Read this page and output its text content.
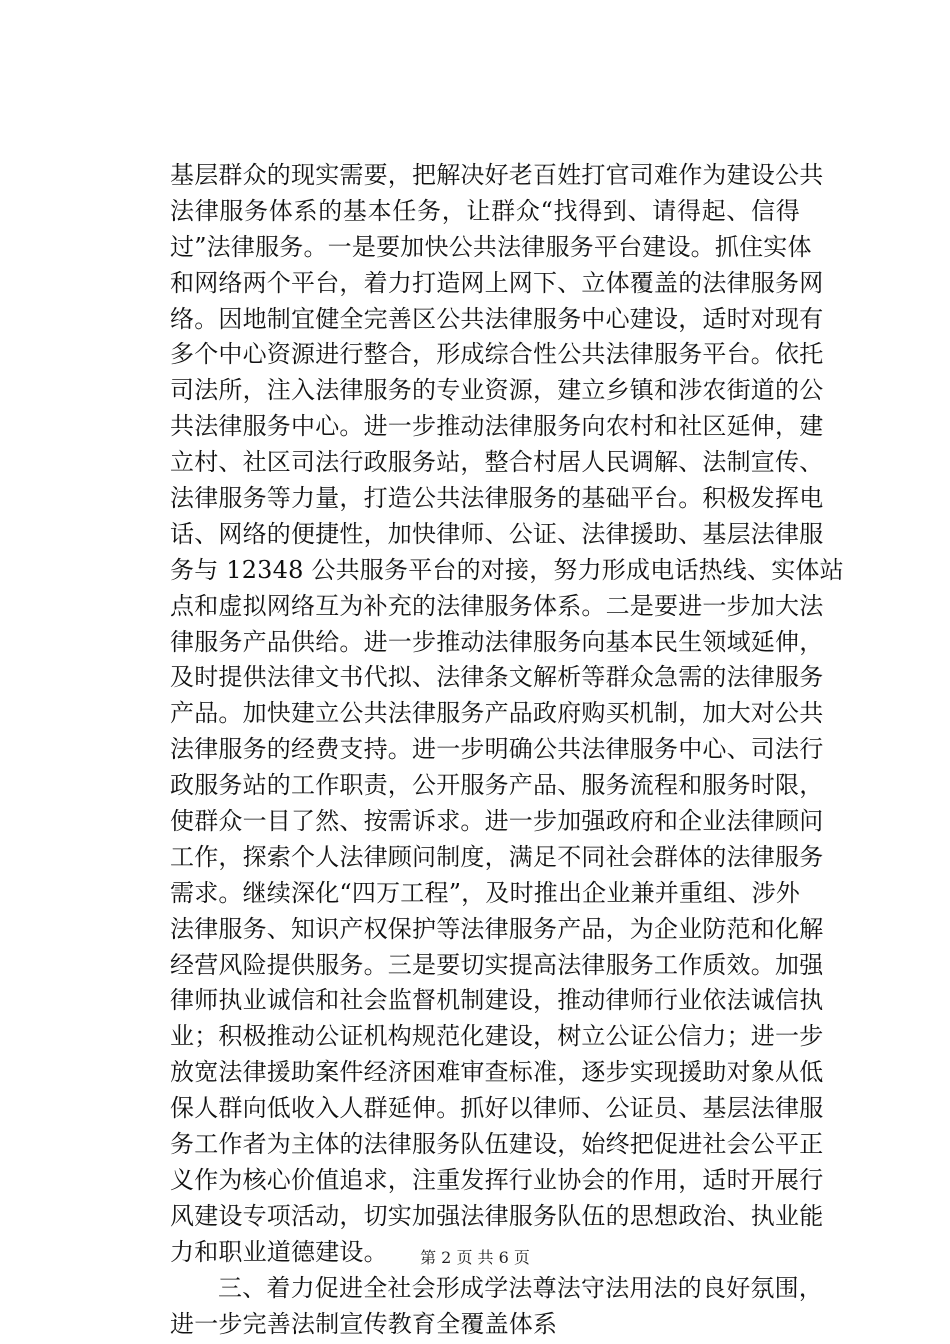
基层群众的现实需要，把解决好老百姓打官司难作为建设公共
法律服务体系的基本任务，让群众“找得到、请得起、信得
过”法律服务。一是要加快公共法律服务平台建设。抓住实体
和网络两个平台，着力打造网上网下、立体覆盖的法律服务网
络。因地制宜健全完善区公共法律服务中心建设，适时对现有
多个中心资源进行整合，形成综合性公共法律服务平台。依托
司法所，注入法律服务的专业资源，建立乡镇和涉农街道的公
共法律服务中心。进一步推动法律服务向农村和社区延伸，建
立村、社区司法行政服务站，整合村居人民调解、法制宣传、
法律服务等力量，打造公共法律服务的基础平台。积极发挥电
话、网络的便捷性，加快律师、公证、法律援助、基层法律服
务与 12348 公共服务平台的对接，努力形成电话热线、实体站
点和虚拟网络互为补充的法律服务体系。二是要进一步加大法
律服务产品供给。进一步推动法律服务向基本民生领域延伸，
及时提供法律文书代拟、法律条文解析等群众急需的法律服务
产品。加快建立公共法律服务产品政府购买机制，加大对公共
法律服务的经费支持。进一步明确公共法律服务中心、司法行
政服务站的工作职责，公开服务产品、服务流程和服务时限，
使群众一目了然、按需诉求。进一步加强政府和企业法律顾问
工作，探索个人法律顾问制度，满足不同社会群体的法律服务
需求。继续深化“四万工程”，及时推出企业兼并重组、涉外
法律服务、知识产权保护等法律服务产品，为企业防范和化解
经营风险提供服务。三是要切实提高法律服务工作质效。加强
律师执业诚信和社会监督机制建设，推动律师行业依法诚信执
业；积极推动公证机构规范化建设，树立公证公信力；进一步
放宽法律援助案件经济困难审查标准，逐步实现援助对象从低
保人群向低收入人群延伸。抓好以律师、公证员、基层法律服
务工作者为主体的法律服务队伍建设，始终把促进社会公平正
义作为核心价值追求，注重发挥行业协会的作用，适时开展行
风建设专项活动，切实加强法律服务队伍的思想政治、执业能
力和职业道德建设。
三、着力促进全社会形成学法尊法守法用法的良好氛围，
进一步完善法制宣传教育全覆盖体系
第 2 页 共 6 页
